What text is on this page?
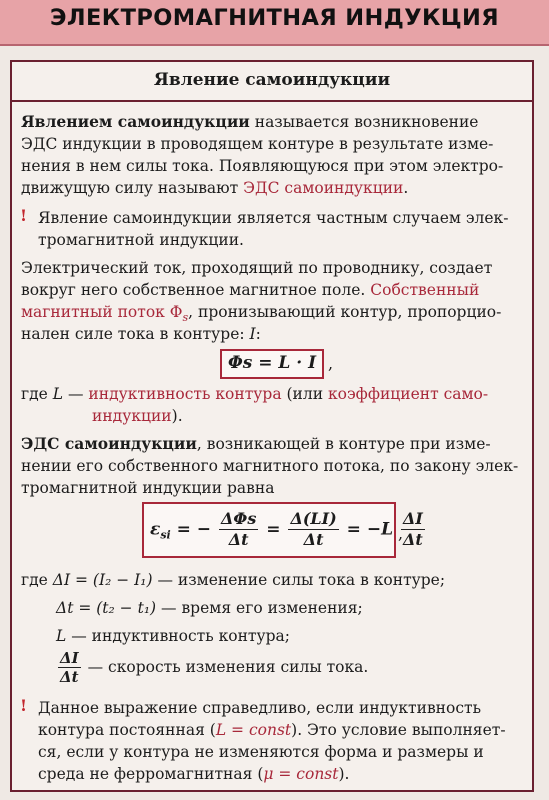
ЭЛЕКТРОМАГНИТНАЯ ИНДУКЦИЯ
Явление самоиндукции
Явлением самоиндукции называется возникновение
ЭДС индукции в проводящем контуре в результате изме-
нения в нем силы тока. Появляющуюся при этом электро-
движущую силу называют ЭДС самоиндукции.
! Явление самоиндукции является частным случаем элек-
тромагнитной индукции.
Электрический ток, проходящий по проводнику, создает
вокруг него собственное магнитное поле. Собственный
магнитный поток $\Phi_s$, пронизывающий контур, пропорцио-
нален силе тока в контуре: I:
Φs = L · I ,
где L — индуктивность контура (или коэффициент само-
индукции).
ЭДС самоиндукции, возникающей в контуре при изме-
нении его собственного магнитного потока, по закону элек-
тромагнитной индукции равна
$\varepsilon_{si}$ = − $\frac{\text{ΔΦs}}{\Delta t} = \frac{\Delta(LI)}{\Delta t} = -L \frac{\Delta I}{\Delta t}$
,
где ΔI = (I₂ − I₁) — изменение силы тока в контуре;
Δt = (t₂ − t₁) — время его изменения;
L — индуктивность контура;
$\frac{\Delta I}{\Delta t}$ — скорость изменения силы тока.
! Данное выражение справедливо, если индуктивность
контура постоянная (L = const). Это условие выполняет-
ся, если у контура не изменяются форма и размеры и
среда не ферромагнитная (μ = const).
